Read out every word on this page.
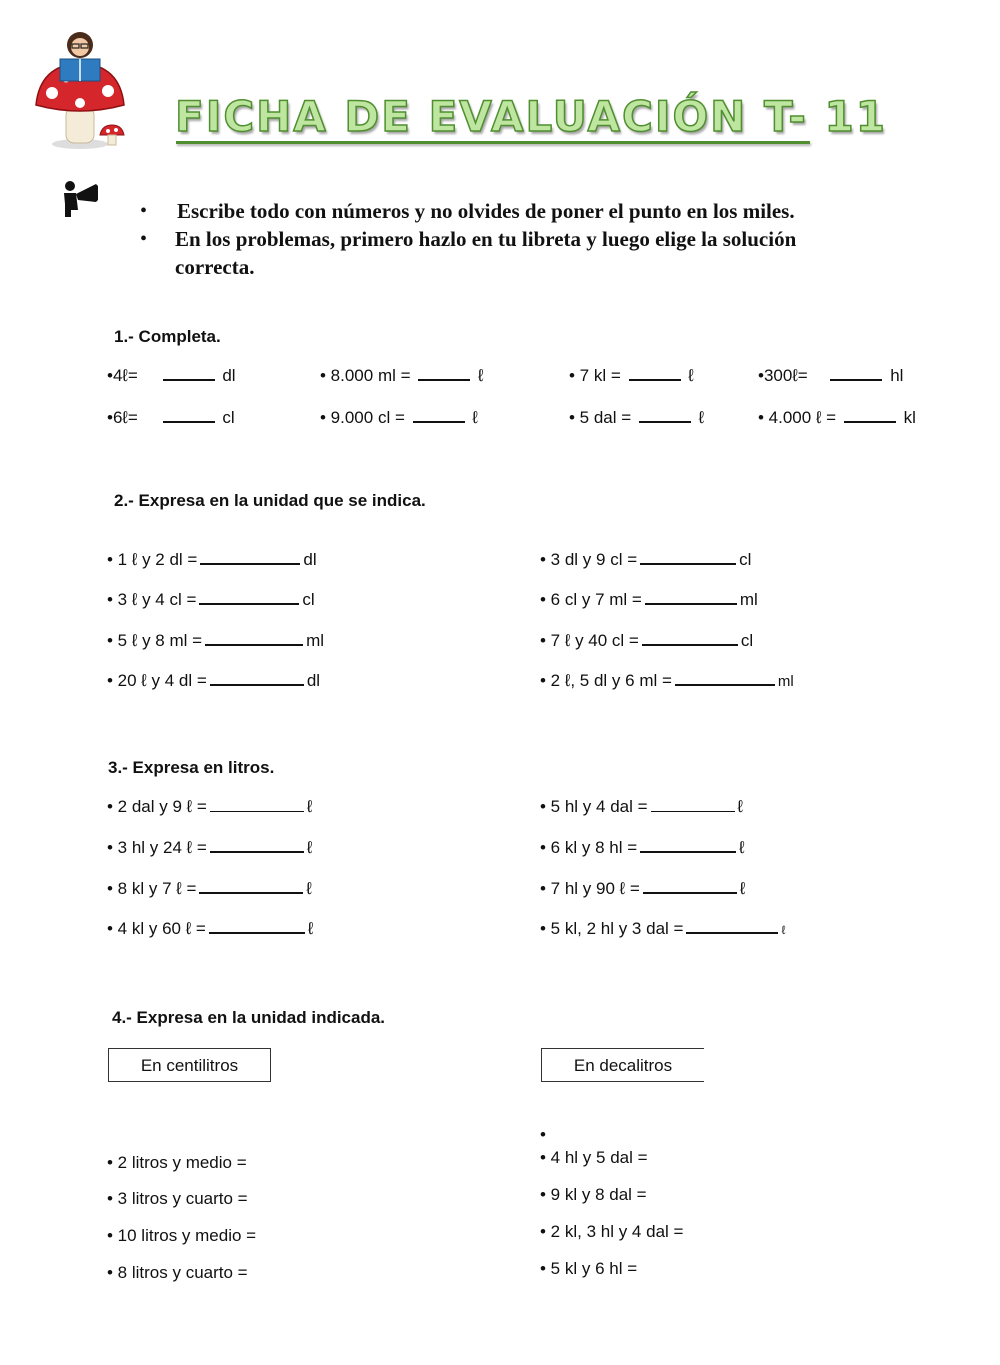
FICHA DE EVALUACIÓN T- 11
• Escribe todo con números y no olvides de poner el punto en los miles.
• En los problemas, primero hazlo en tu libreta y luego elige la solución
correcta.
1.- Completa.
•4ℓ=	dl	• 8.000 ml =	ℓ	• 7 kl =	ℓ	•300ℓ=	hl
•6ℓ=	cl	• 9.000 cl =	ℓ	• 5 dal =	ℓ	• 4.000 ℓ =	kl
2.- Expresa en la unidad que se indica.
• 1 ℓ y 2 dl =	dl
• 3 ℓ y 4 cl =	cl
• 5 ℓ y 8 ml =	ml
• 20 ℓ y 4 dl =	dl
• 3 dl y 9 cl =	cl
• 6 cl y 7 ml =	ml
• 7 ℓ y 40 cl =	cl
• 2 ℓ, 5 dl y 6 ml =	ml
3.- Expresa en litros.
• 2 dal y 9 ℓ =	ℓ
• 3 hl y 24 ℓ =	ℓ
• 8 kl y 7 ℓ =	ℓ
• 4 kl y 60 ℓ =	ℓ
• 5 hl y 4 dal =	ℓ
• 6 kl y 8 hl =	ℓ
• 7 hl y 90 ℓ =	ℓ
• 5 kl, 2 hl y 3 dal =	ℓ
4.- Expresa en la unidad indicada.
En centilitros	En decalitros
• 2 litros y medio =
• 3 litros y cuarto =
• 10 litros y medio =
• 8 litros y cuarto =
•
• 4 hl y 5 dal =
• 9 kl y 8 dal =
• 2 kl, 3 hl y 4 dal =
• 5 kl y 6 hl =
